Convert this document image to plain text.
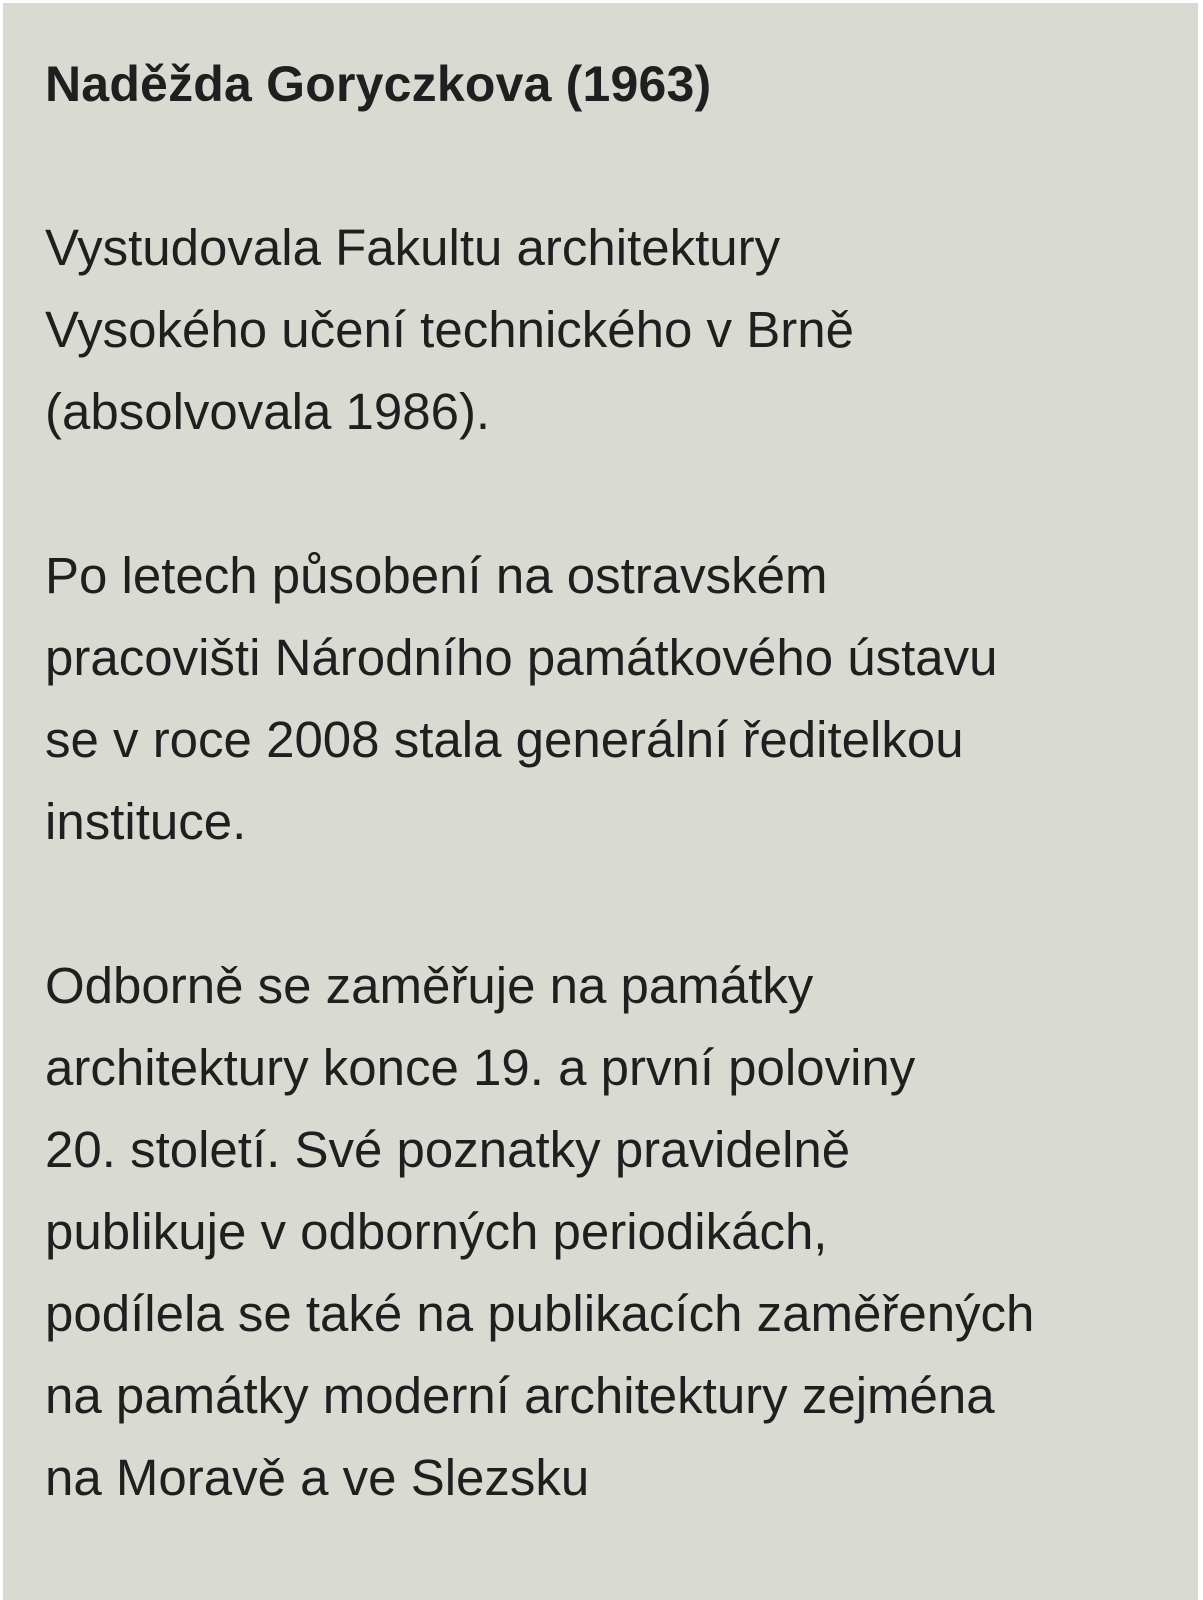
Naděžda Goryczkova (1963)

Vystudovala Fakultu architektury
Vysokého učení technického v Brně
(absolvovala 1986).

Po letech působení na ostravském
pracovišti Národního památkového ústavu
se v roce 2008 stala generální ředitelkou
instituce.

Odborně se zaměřuje na památky
architektury konce 19. a první poloviny
20. století. Své poznatky pravidelně
publikuje v odborných periodikách,
podílela se také na publikacích zaměřených
na památky moderní architektury zejména
na Moravě a ve Slezsku
